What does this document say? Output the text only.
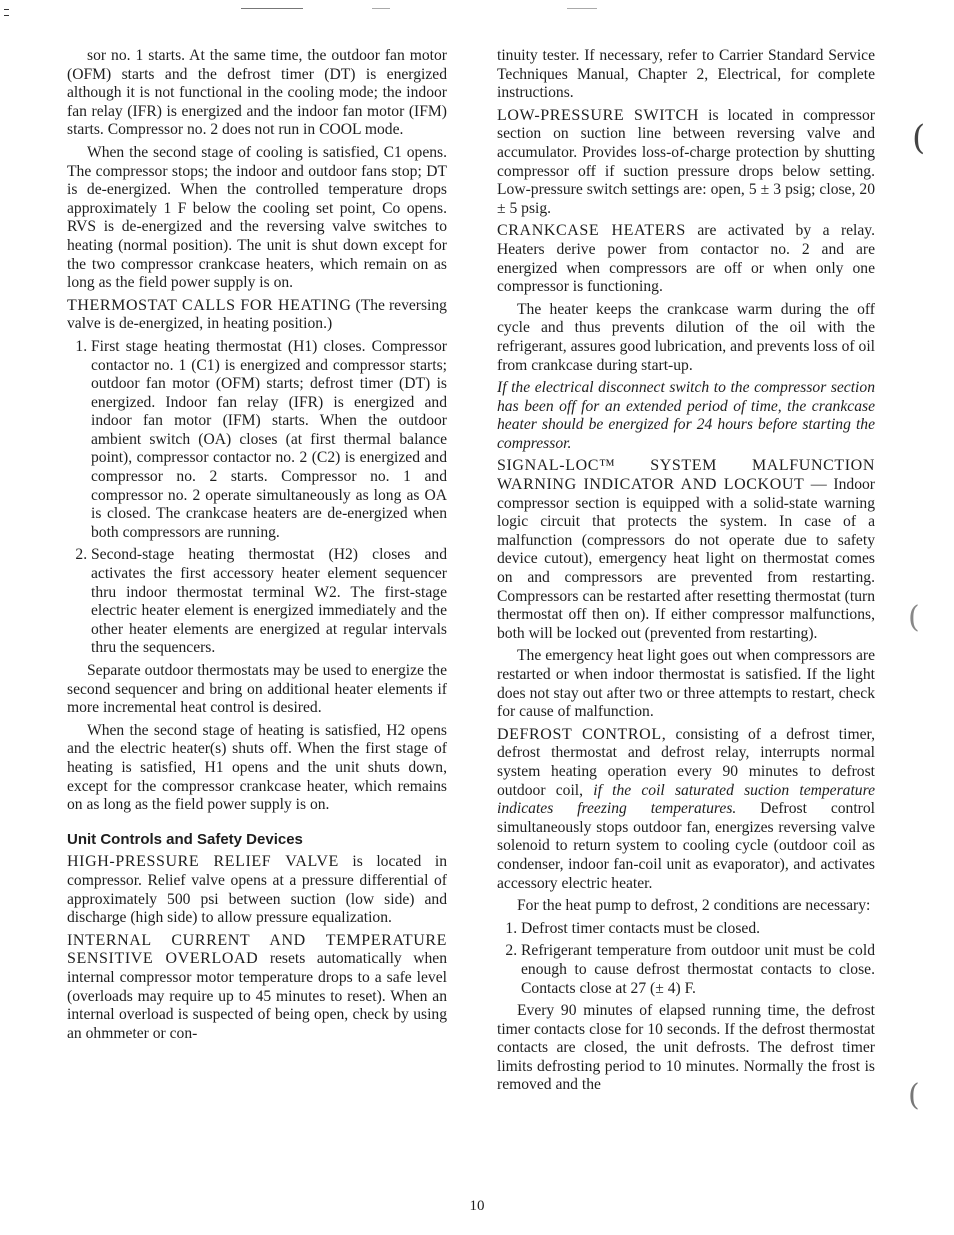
sor no. 1 starts. At the same time, the outdoor fan motor (OFM) starts and the defrost timer (DT) is energized although it is not functional in the cooling mode; the indoor fan relay (IFR) is energized and the indoor fan motor (IFM) starts. Compressor no. 2 does not run in COOL mode.

When the second stage of cooling is satisfied, C1 opens. The compressor stops; the indoor and outdoor fans stop; DT is de-energized. When the controlled temperature drops approximately 1 F below the cooling set point, Co opens. RVS is de-energized and the reversing valve switches to heating (normal position). The unit is shut down except for the two compressor crankcase heaters, which remain on as long as the field power supply is on.

THERMOSTAT CALLS FOR HEATING (The reversing valve is de-energized, in heating position.)

1. First stage heating thermostat (H1) closes. Compressor contactor no. 1 (C1) is energized and compressor starts; outdoor fan motor (OFM) starts; defrost timer (DT) is energized. Indoor fan relay (IFR) is energized and indoor fan motor (IFM) starts. When the outdoor ambient switch (OA) closes (at first thermal balance point), compressor contactor no. 2 (C2) is energized and compressor no. 2 starts. Compressor no. 1 and compressor no. 2 operate simultaneously as long as OA is closed. The crankcase heaters are de-energized when both compressors are running.
2. Second-stage heating thermostat (H2) closes and activates the first accessory heater element sequencer thru indoor thermostat terminal W2. The first-stage electric heater element is energized immediately and the other heater elements are energized at regular intervals thru the sequencers.

Separate outdoor thermostats may be used to energize the second sequencer and bring on additional heater elements if more incremental heat control is desired.

When the second stage of heating is satisfied, H2 opens and the electric heater(s) shuts off. When the first stage of heating is satisfied, H1 opens and the unit shuts down, except for the compressor crankcase heater, which remains on as long as the field power supply is on.

Unit Controls and Safety Devices

HIGH-PRESSURE RELIEF VALVE is located in compressor. Relief valve opens at a pressure differential of approximately 500 psi between suction (low side) and discharge (high side) to allow pressure equalization.

INTERNAL CURRENT AND TEMPERATURE SENSITIVE OVERLOAD resets automatically when internal compressor motor temperature drops to a safe level (overloads may require up to 45 minutes to reset). When an internal overload is suspected of being open, check by using an ohmmeter or con-

tinuity tester. If necessary, refer to Carrier Standard Service Techniques Manual, Chapter 2, Electrical, for complete instructions.

LOW-PRESSURE SWITCH is located in compressor section on suction line between reversing valve and accumulator. Provides loss-of-charge protection by shutting compressor off if suction pressure drops below setting. Low-pressure switch settings are: open, 5 ± 3 psig; close, 20 ± 5 psig.

CRANKCASE HEATERS are activated by a relay. Heaters derive power from contactor no. 2 and are energized when compressors are off or when only one compressor is functioning.

The heater keeps the crankcase warm during the off cycle and thus prevents dilution of the oil with the refrigerant, assures good lubrication, and prevents loss of oil from crankcase during start-up.

If the electrical disconnect switch to the compressor section has been off for an extended period of time, the crankcase heater should be energized for 24 hours before starting the compressor.

SIGNAL-LOC™ SYSTEM MALFUNCTION WARNING INDICATOR AND LOCKOUT — Indoor compressor section is equipped with a solid-state warning logic circuit that protects the system. In case of a malfunction (compressors do not operate due to safety device cutout), emergency heat light on thermostat comes on and compressors are prevented from restarting. Compressors can be restarted after resetting thermostat (turn thermostat off then on). If either compressor malfunctions, both will be locked out (prevented from restarting).

The emergency heat light goes out when compressors are restarted or when indoor thermostat is satisfied. If the light does not stay out after two or three attempts to restart, check for cause of malfunction.

DEFROST CONTROL, consisting of a defrost timer, defrost thermostat and defrost relay, interrupts normal system heating operation every 90 minutes to defrost outdoor coil, if the coil saturated suction temperature indicates freezing temperatures. Defrost control simultaneously stops outdoor fan, energizes reversing valve solenoid to return system to cooling cycle (outdoor coil as condenser, indoor fan-coil unit as evaporator), and activates accessory electric heater.

For the heat pump to defrost, 2 conditions are necessary:

1. Defrost timer contacts must be closed.
2. Refrigerant temperature from outdoor unit must be cold enough to cause defrost thermostat contacts to close. Contacts close at 27 (± 4) F.

Every 90 minutes of elapsed running time, the defrost timer contacts close for 10 seconds. If the defrost thermostat contacts are closed, the unit defrosts. The defrost timer limits defrosting period to 10 minutes. Normally the frost is removed and the

(
(
(
10
